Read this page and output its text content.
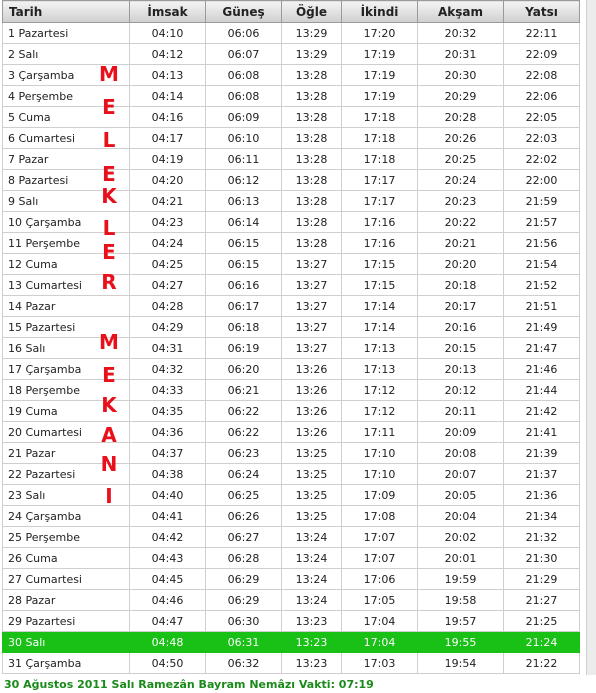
Tarih	İmsak	Güneş	Öğle	İkindi	Akşam	Yatsı
1 Pazartesi	04:10	06:06	13:29	17:20	20:32	22:11
2 Salı	04:12	06:07	13:29	17:19	20:31	22:09
3 Çarşamba	04:13	06:08	13:28	17:19	20:30	22:08
4 Perşembe	04:14	06:08	13:28	17:19	20:29	22:06
5 Cuma	04:16	06:09	13:28	17:18	20:28	22:05
6 Cumartesi	04:17	06:10	13:28	17:18	20:26	22:03
7 Pazar	04:19	06:11	13:28	17:18	20:25	22:02
8 Pazartesi	04:20	06:12	13:28	17:17	20:24	22:00
9 Salı	04:21	06:13	13:28	17:17	20:23	21:59
10 Çarşamba	04:23	06:14	13:28	17:16	20:22	21:57
11 Perşembe	04:24	06:15	13:28	17:16	20:21	21:56
12 Cuma	04:25	06:15	13:27	17:15	20:20	21:54
13 Cumartesi	04:27	06:16	13:27	17:15	20:18	21:52
14 Pazar	04:28	06:17	13:27	17:14	20:17	21:51
15 Pazartesi	04:29	06:18	13:27	17:14	20:16	21:49
16 Salı	04:31	06:19	13:27	17:13	20:15	21:47
17 Çarşamba	04:32	06:20	13:26	17:13	20:13	21:46
18 Perşembe	04:33	06:21	13:26	17:12	20:12	21:44
19 Cuma	04:35	06:22	13:26	17:12	20:11	21:42
20 Cumartesi	04:36	06:22	13:26	17:11	20:09	21:41
21 Pazar	04:37	06:23	13:25	17:10	20:08	21:39
22 Pazartesi	04:38	06:24	13:25	17:10	20:07	21:37
23 Salı	04:40	06:25	13:25	17:09	20:05	21:36
24 Çarşamba	04:41	06:26	13:25	17:08	20:04	21:34
25 Perşembe	04:42	06:27	13:24	17:07	20:02	21:32
26 Cuma	04:43	06:28	13:24	17:07	20:01	21:30
27 Cumartesi	04:45	06:29	13:24	17:06	19:59	21:29
28 Pazar	04:46	06:29	13:24	17:05	19:58	21:27
29 Pazartesi	04:47	06:30	13:23	17:04	19:57	21:25
30 Salı	04:48	06:31	13:23	17:04	19:55	21:24
31 Çarşamba	04:50	06:32	13:23	17:03	19:54	21:22
M
E
L
E
K
L
E
R
M
E
K
A
N
I
30 Ağustos 2011 Salı Ramezân Bayram Nemâzı Vakti: 07:19
